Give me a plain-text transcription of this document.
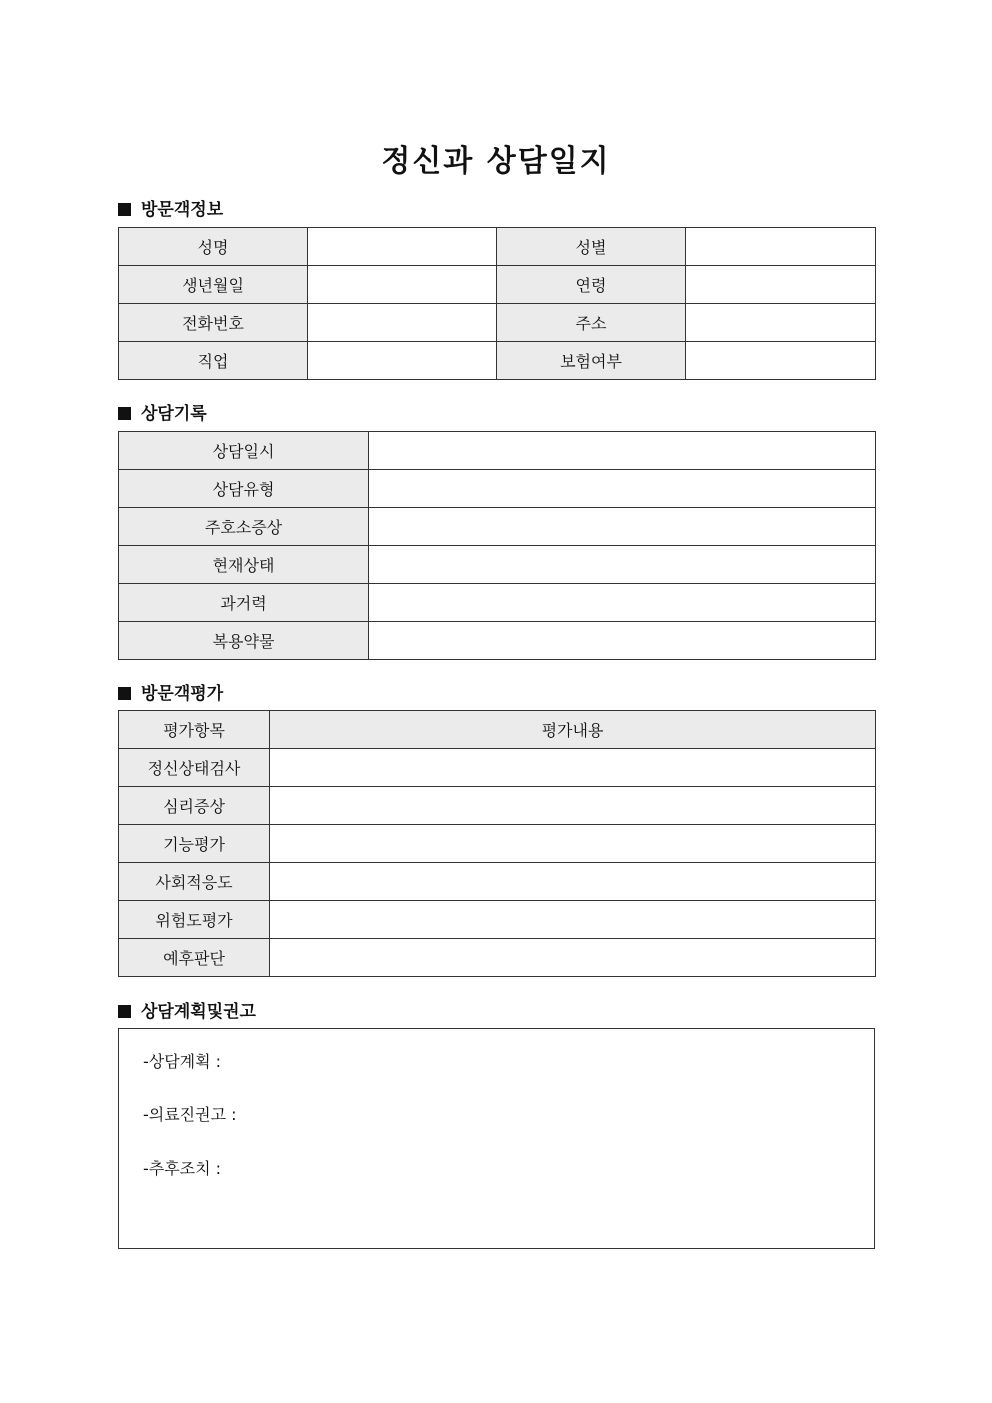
정신과 상담일지
방문객정보
성명		성별	
생년월일		연령	
전화번호		주소	
직업		보험여부	
상담기록
상담일시	
상담유형	
주호소증상	
현재상태	
과거력	
복용약물	
방문객평가
평가항목	평가내용
정신상태검사	
심리증상	
기능평가	
사회적응도	
위험도평가	
예후판단	
상담계획및권고
-상담계획 :
-의료진권고 :
-추후조치 :
